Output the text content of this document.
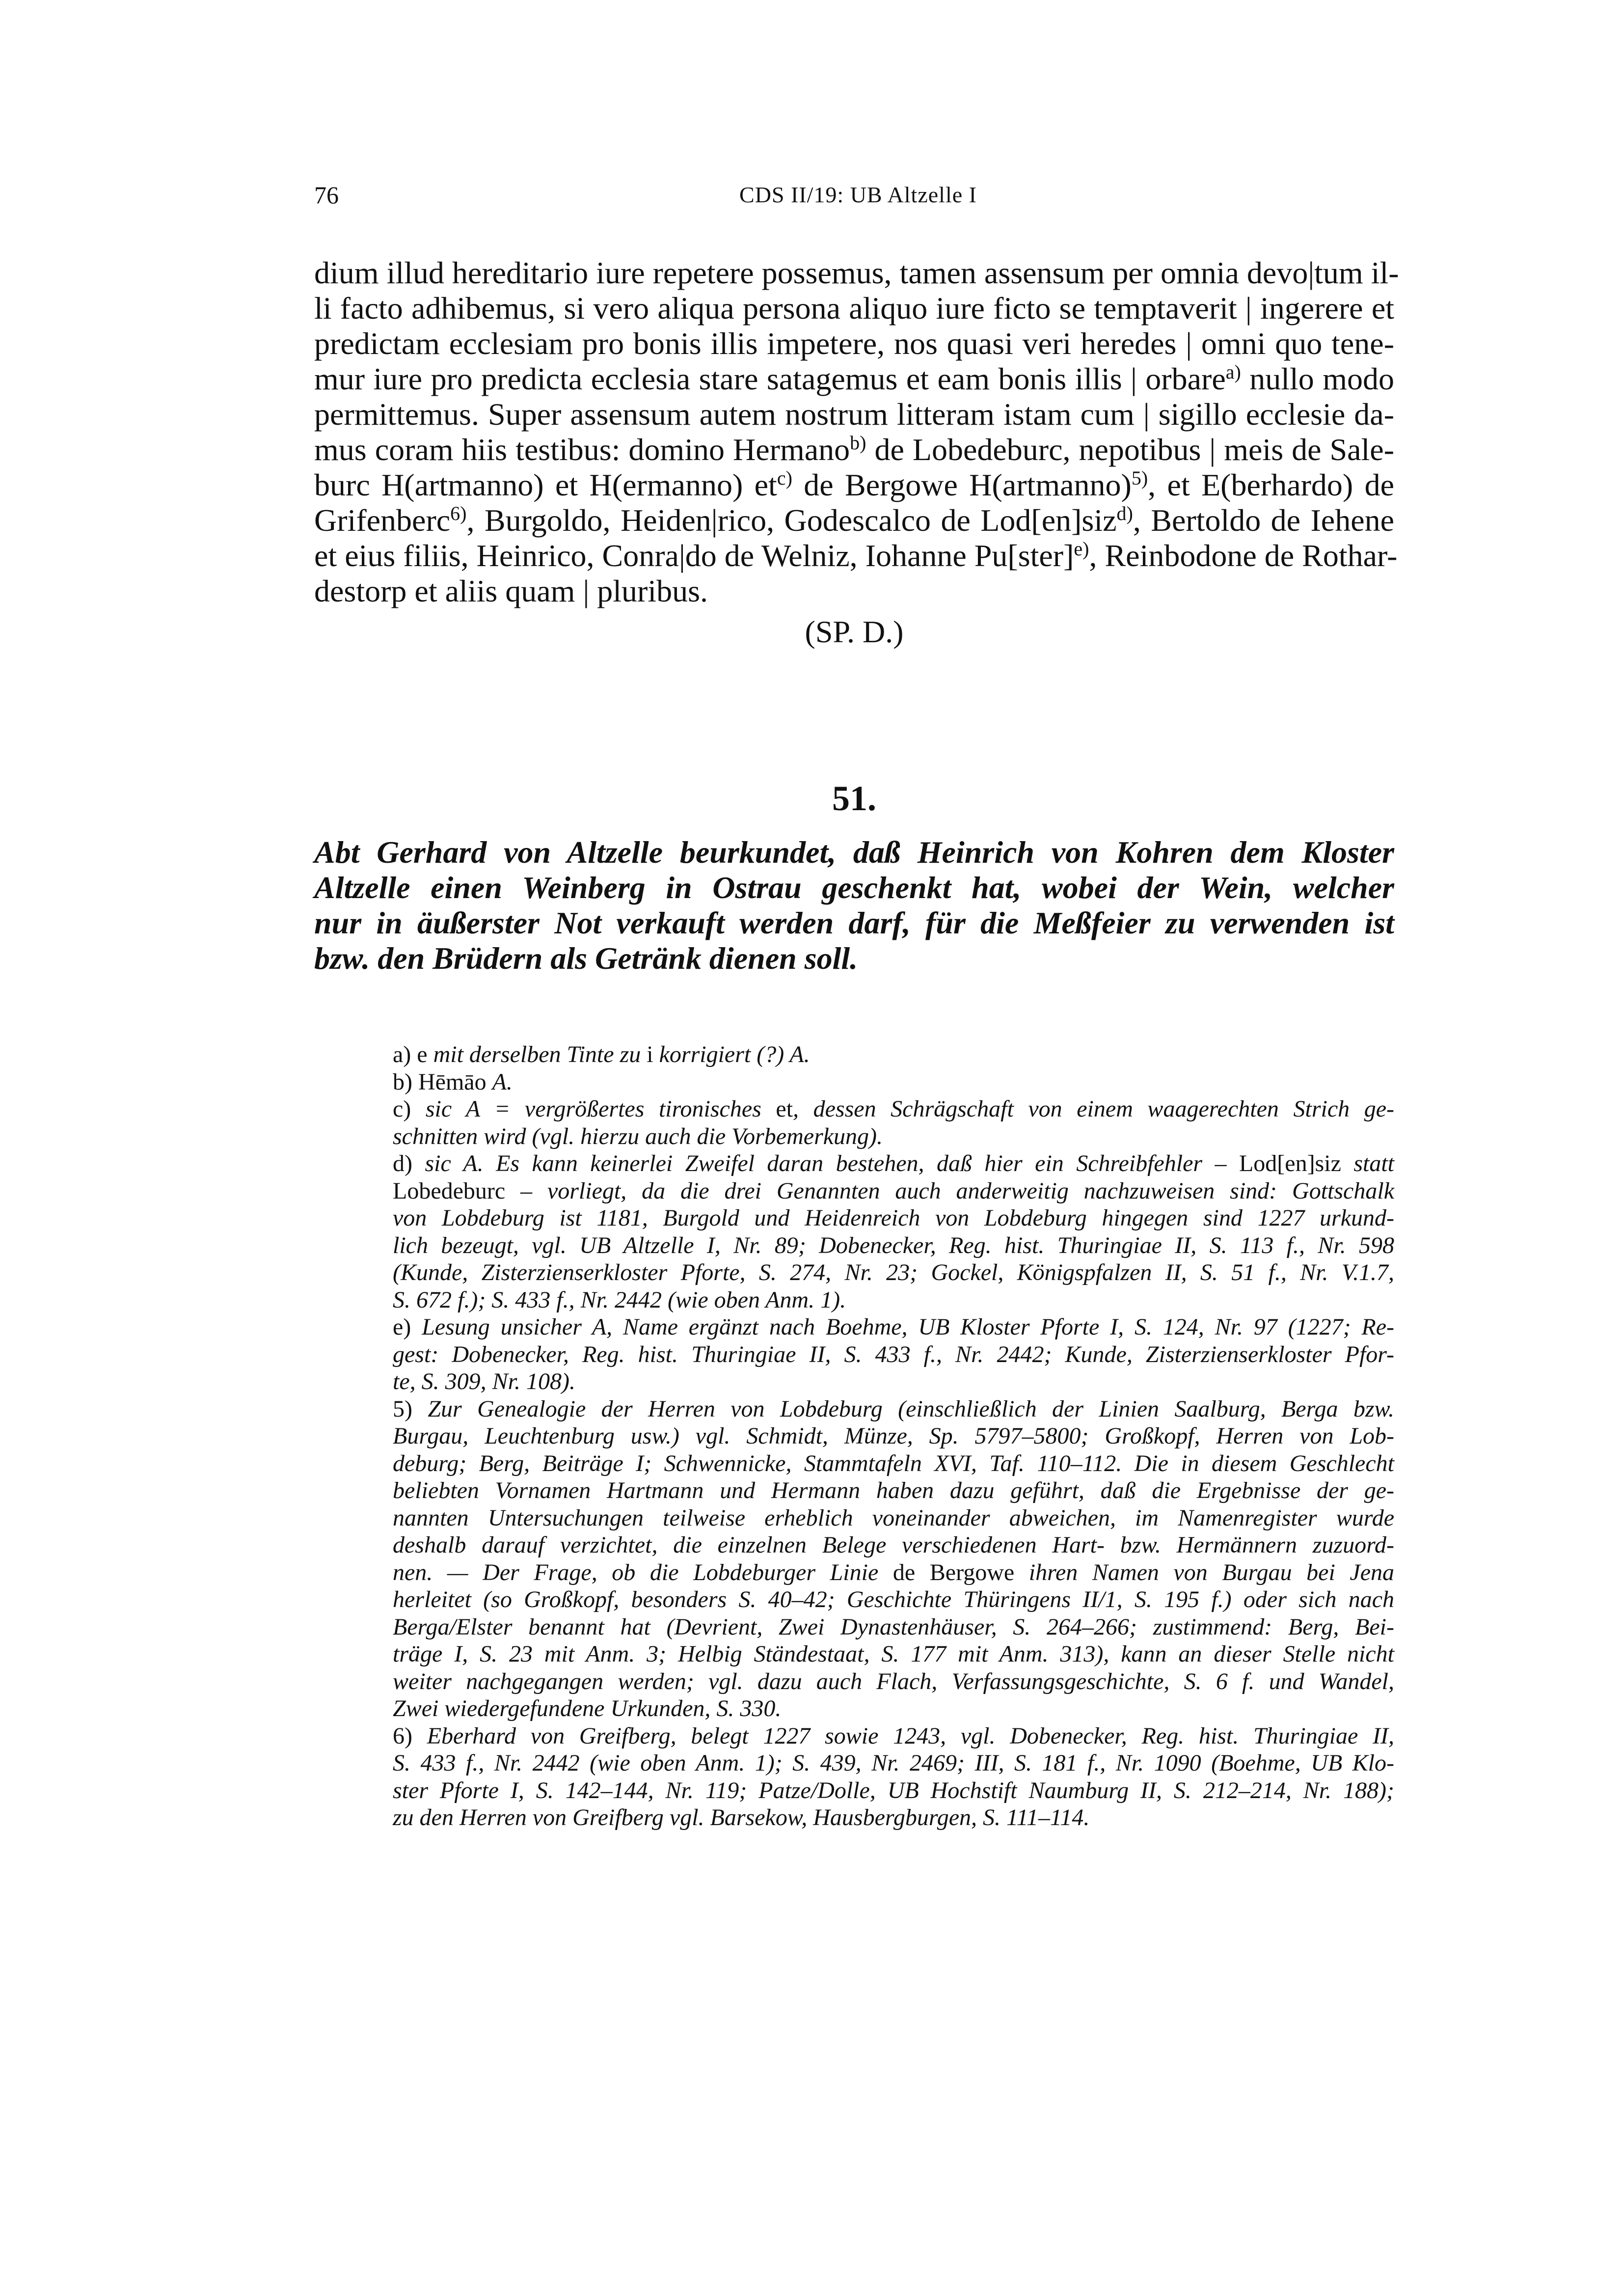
76	CDS II/19: UB Altzelle I
dium illud hereditario iure repetere possemus, tamen assensum per omnia devo|tum il-
li facto adhibemus, si vero aliqua persona aliquo iure ficto se temptaverit | ingerere et
predictam ecclesiam pro bonis illis impetere, nos quasi veri heredes | omni quo tene-
mur iure pro predicta ecclesia stare satagemus et eam bonis illis | orbare$^{a)}$ nullo modo
permittemus. Super assensum autem nostrum litteram istam cum | sigillo ecclesie da-
mus coram hiis testibus: domino Hermano$^{b)}$ de Lobedeburc, nepotibus | meis de Sale-
burc H(artmanno) et H(ermanno) $et^{c)}$ de Bergowe H(artmanno)$^{5)}$, et E(berhardo) de
Grifenberc$^{6)}$, Burgoldo, Heiden|rico, Godescalco de Lod[en]siz$^{d)}$, Bertoldo de Iehene
et eius filiis, Heinrico, Conra|do de Welniz, Iohanne Pu[ster]$^{e)}$, Reinbodone de Rothar-
destorp et aliis quam | pluribus.
(SP. D.)
51.
Abt Gerhard von Altzelle beurkundet, daß Heinrich von Kohren dem Kloster
Altzelle einen Weinberg in Ostrau geschenkt hat, wobei der Wein, welcher
nur in äußerster Not verkauft werden darf, für die Meßfeier zu verwenden ist
bzw. den Brüdern als Getränk dienen soll.
a) e mit derselben Tinte zu i korrigiert (?) A.
b) Hēmāo A.
c) sic A = vergrößertes tironisches et, dessen Schrägschaft von einem waagerechten Strich ge-
schnitten wird (vgl. hierzu auch die Vorbemerkung).
d) sic A. Es kann keinerlei Zweifel daran bestehen, daß hier ein Schreibfehler – Lod[en]siz statt
Lobedeburc – vorliegt, da die drei Genannten auch anderweitig nachzuweisen sind: Gottschalk
von Lobdeburg ist 1181, Burgold und Heidenreich von Lobdeburg hingegen sind 1227 urkund-
lich bezeugt, vgl. UB Altzelle I, Nr. 89; Dobenecker, Reg. hist. Thuringiae II, S. 113 f., Nr. 598
(Kunde, Zisterzienserkloster Pforte, S. 274, Nr. 23; Gockel, Königspfalzen II, S. 51 f., Nr. V.1.7,
S. 672 f.); S. 433 f., Nr. 2442 (wie oben Anm. 1).
e) Lesung unsicher A, Name ergänzt nach Boehme, UB Kloster Pforte I, S. 124, Nr. 97 (1227; Re-
gest: Dobenecker, Reg. hist. Thuringiae II, S. 433 f., Nr. 2442; Kunde, Zisterzienserkloster Pfor-
te, S. 309, Nr. 108).
5) Zur Genealogie der Herren von Lobdeburg (einschließlich der Linien Saalburg, Berga bzw.
Burgau, Leuchtenburg usw.) vgl. Schmidt, Münze, Sp. 5797–5800; Großkopf, Herren von Lob-
deburg; Berg, Beiträge I; Schwennicke, Stammtafeln XVI, Taf. 110–112. Die in diesem Geschlecht
beliebten Vornamen Hartmann und Hermann haben dazu geführt, daß die Ergebnisse der ge-
nannten Untersuchungen teilweise erheblich voneinander abweichen, im Namenregister wurde
deshalb darauf verzichtet, die einzelnen Belege verschiedenen Hart- bzw. Hermännern zuzuord-
nen. — Der Frage, ob die Lobdeburger Linie de Bergowe ihren Namen von Burgau bei Jena
herleitet (so Großkopf, besonders S. 40–42; Geschichte Thüringens II/1, S. 195 f.) oder sich nach
Berga/Elster benannt hat (Devrient, Zwei Dynastenhäuser, S. 264–266; zustimmend: Berg, Bei-
träge I, S. 23 mit Anm. 3; Helbig Ständestaat, S. 177 mit Anm. 313), kann an dieser Stelle nicht
weiter nachgegangen werden; vgl. dazu auch Flach, Verfassungsgeschichte, S. 6 f. und Wandel,
Zwei wiedergefundene Urkunden, S. 330.
6) Eberhard von Greifberg, belegt 1227 sowie 1243, vgl. Dobenecker, Reg. hist. Thuringiae II,
S. 433 f., Nr. 2442 (wie oben Anm. 1); S. 439, Nr. 2469; III, S. 181 f., Nr. 1090 (Boehme, UB Klo-
ster Pforte I, S. 142–144, Nr. 119; Patze/Dolle, UB Hochstift Naumburg II, S. 212–214, Nr. 188);
zu den Herren von Greifberg vgl. Barsekow, Hausbergburgen, S. 111–114.
